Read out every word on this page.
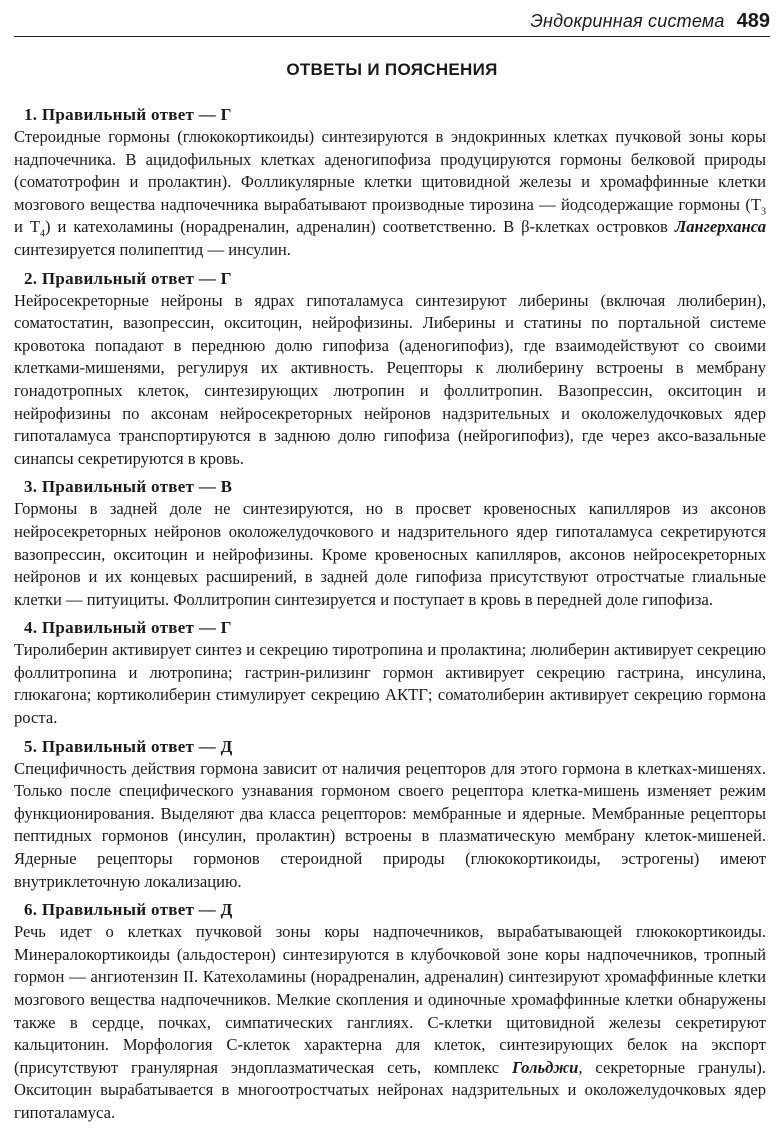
Эндокринная система 489
ОТВЕТЫ И ПОЯСНЕНИЯ
1. Правильный ответ — Г
Стероидные гормоны (глюкокортикоиды) синтезируются в эндокринных клетках пучковой зоны коры надпочечника. В ацидофильных клетках аденогипофиза продуцируются гормоны белковой природы (соматотрофин и пролактин). Фолликулярные клетки щитовидной железы и хромаффинные клетки мозгового вещества надпочечника вырабатывают производные тирозина — йодсодержащие гормоны ($Т_3$ и $Т_4$) и катехоламины (норадреналин, адреналин) соответственно. В β-клетках островков Лангерханса синтезируется полипептид — инсулин.
2. Правильный ответ — Г
Нейросекреторные нейроны в ядрах гипоталамуса синтезируют либерины (включая люлиберин), соматостатин, вазопрессин, окситоцин, нейрофизины. Либерины и статины по портальной системе кровотока попадают в переднюю долю гипофиза (аденогипофиз), где взаимодействуют со своими клетками-мишенями, регулируя их активность. Рецепторы к люлиберину встроены в мембрану гонадотропных клеток, синтезирующих лютропин и фоллитропин. Вазопрессин, окситоцин и нейрофизины по аксонам нейросекреторных нейронов надзрительных и околожелудочковых ядер гипоталамуса транспортируются в заднюю долю гипофиза (нейрогипофиз), где через аксо-вазальные синапсы секретируются в кровь.
3. Правильный ответ — В
Гормоны в задней доле не синтезируются, но в просвет кровеносных капилляров из аксонов нейросекреторных нейронов околожелудочкового и надзрительного ядер гипоталамуса секретируются вазопрессин, окситоцин и нейрофизины. Кроме кровеносных капилляров, аксонов нейросекреторных нейронов и их концевых расширений, в задней доле гипофиза присутствуют отростчатые глиальные клетки — питуициты. Фоллитропин синтезируется и поступает в кровь в передней доле гипофиза.
4. Правильный ответ — Г
Тиролиберин активирует синтез и секрецию тиротропина и пролактина; люлиберин активирует секрецию фоллитропина и лютропина; гастрин-рилизинг гормон активирует секрецию гастрина, инсулина, глюкагона; кортиколиберин стимулирует секрецию АКТГ; соматолиберин активирует секрецию гормона роста.
5. Правильный ответ — Д
Специфичность действия гормона зависит от наличия рецепторов для этого гормона в клетках-мишенях. Только после специфического узнавания гормоном своего рецептора клетка-мишень изменяет режим функционирования. Выделяют два класса рецепторов: мембранные и ядерные. Мембранные рецепторы пептидных гормонов (инсулин, пролактин) встроены в плазматическую мембрану клеток-мишеней. Ядерные рецепторы гормонов стероидной природы (глюкокортикоиды, эстрогены) имеют внутриклеточную локализацию.
6. Правильный ответ — Д
Речь идет о клетках пучковой зоны коры надпочечников, вырабатывающей глюкокортикоиды. Минералокортикоиды (альдостерон) синтезируются в клубочковой зоне коры надпочечников, тропный гормон — ангиотензин II. Катехоламины (норадреналин, адреналин) синтезируют хромаффинные клетки мозгового вещества надпочечников. Мелкие скопления и одиночные хромаффинные клетки обнаружены также в сердце, почках, симпатических ганглиях. С-клетки щитовидной железы секретируют кальцитонин. Морфология С-клеток характерна для клеток, синтезирующих белок на экспорт (присутствуют гранулярная эндоплазматическая сеть, комплекс Гольджи, секреторные гранулы). Окситоцин вырабатывается в многоотростчатых нейронах надзрительных и околожелудочковых ядер гипоталамуса.
